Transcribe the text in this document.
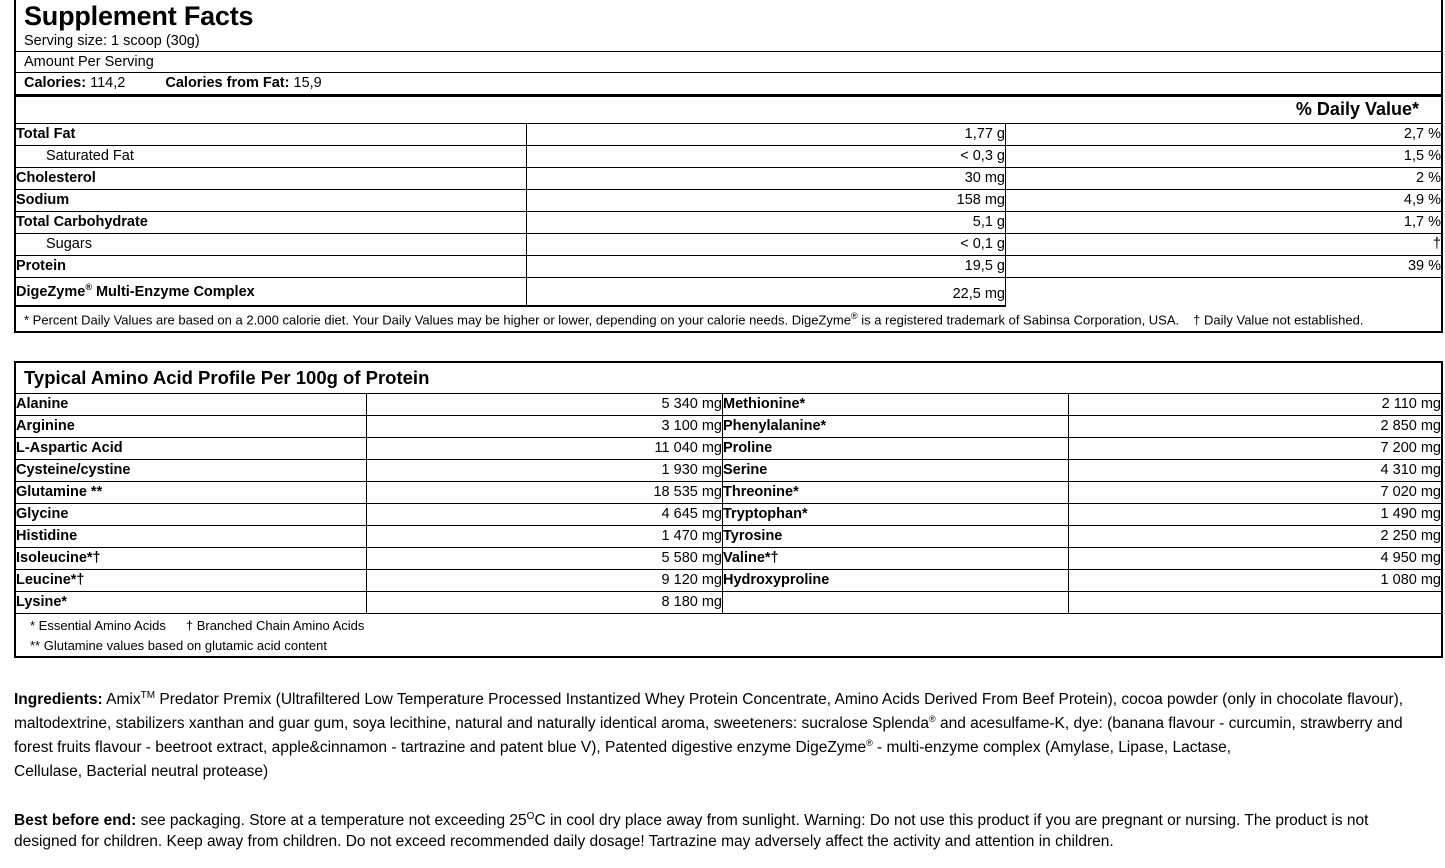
Supplement Facts
Serving size: 1 scoop (30g)
Amount Per Serving
Calories: 114,2	Calories from Fat: 15,9
% Daily Value*
Total Fat	1,77 g	2,7 %
Saturated Fat	< 0,3 g	1,5 %
Cholesterol	30 mg	2 %
Sodium	158 mg	4,9 %
Total Carbohydrate	5,1 g	1,7 %
Sugars	< 0,1 g	†
Protein	19,5 g	39 %
DigeZyme® Multi-Enzyme Complex	22,5 mg	
* Percent Daily Values are based on a 2.000 calorie diet. Your Daily Values may be higher or lower, depending on your calorie needs. DigeZyme® is a registered trademark of Sabinsa Corporation, USA. † Daily Value not established.
Typical Amino Acid Profile Per 100g of Protein
Alanine	5 340 mg	Methionine*	2 110 mg
Arginine	3 100 mg	Phenylalanine*	2 850 mg
L-Aspartic Acid	11 040 mg	Proline	7 200 mg
Cysteine/cystine	1 930 mg	Serine	4 310 mg
Glutamine **	18 535 mg	Threonine*	7 020 mg
Glycine	4 645 mg	Tryptophan*	1 490 mg
Histidine	1 470 mg	Tyrosine	2 250 mg
Isoleucine*†	5 580 mg	Valine*†	4 950 mg
Leucine*†	9 120 mg	Hydroxyproline	1 080 mg
Lysine*	8 180 mg		
* Essential Amino Acids † Branched Chain Amino Acids
** Glutamine values based on glutamic acid content
Ingredients: Amix™ Predator Premix (Ultrafiltered Low Temperature Processed Instantized Whey Protein Concentrate, Amino Acids Derived From Beef Protein), cocoa powder (only in chocolate flavour), maltodextrine, stabilizers xanthan and guar gum, soya lecithine, natural and naturally identical aroma, sweeteners: sucralose Splenda® and acesulfame-K, dye: (banana flavour - curcumin, strawberry and forest fruits flavour - beetroot extract, apple&cinnamon - tartrazine and patent blue V), Patented digestive enzyme DigeZyme® - multi-enzyme complex (Amylase, Lipase, Lactase,
Cellulase, Bacterial neutral protease)
Best before end: see packaging. Store at a temperature not exceeding $25^OC$ in cool dry place away from sunlight. Warning: Do not use this product if you are pregnant or nursing. The product is not designed for children. Keep away from children. Do not exceed recommended daily dosage! Tartrazine may adversely affect the activity and attention in children.
